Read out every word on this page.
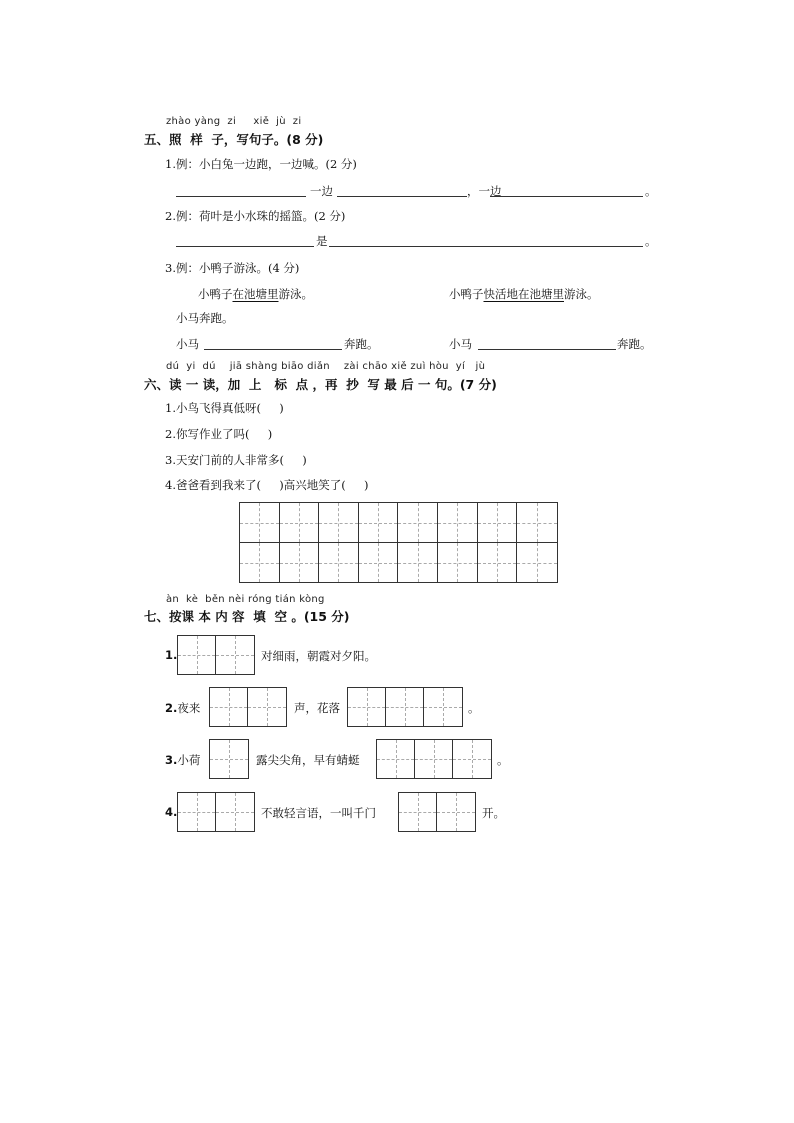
zhào yàng  zi     xiě  jù  zi
五、照  样  子，写句子。(8 分)
1.例：小白兔一边跑，一边喊。(2 分)
一边	，一边	。
2.例：荷叶是小水珠的摇篮。(2 分)
是	。
3.例：小鸭子游泳。(4 分)
小鸭子在池塘里游泳。	小鸭子快活地在池塘里游泳。
小马奔跑。
小马	奔跑。	小马	奔跑。
dú  yi  dú    jiā shàng biāo diǎn    zài chāo xiě zuì hòu  yí   jù
六、读 一 读，加  上   标  点 ，再  抄  写 最 后 一 句。(7 分)
1.小鸟飞得真低呀(     )
2.你写作业了吗(     )
3.天安门前的人非常多(     )
4.爸爸看到我来了(     )高兴地笑了(     )
àn  kè  běn nèi róng tián kòng
七、按课 本 内 容  填  空 。(15 分)
1.	对细雨，朝霞对夕阳。
2.夜来	声，花落	。
3.小荷	露尖尖角，早有蜻蜓	。
4.	不敢轻言语，一叫千门	开。
